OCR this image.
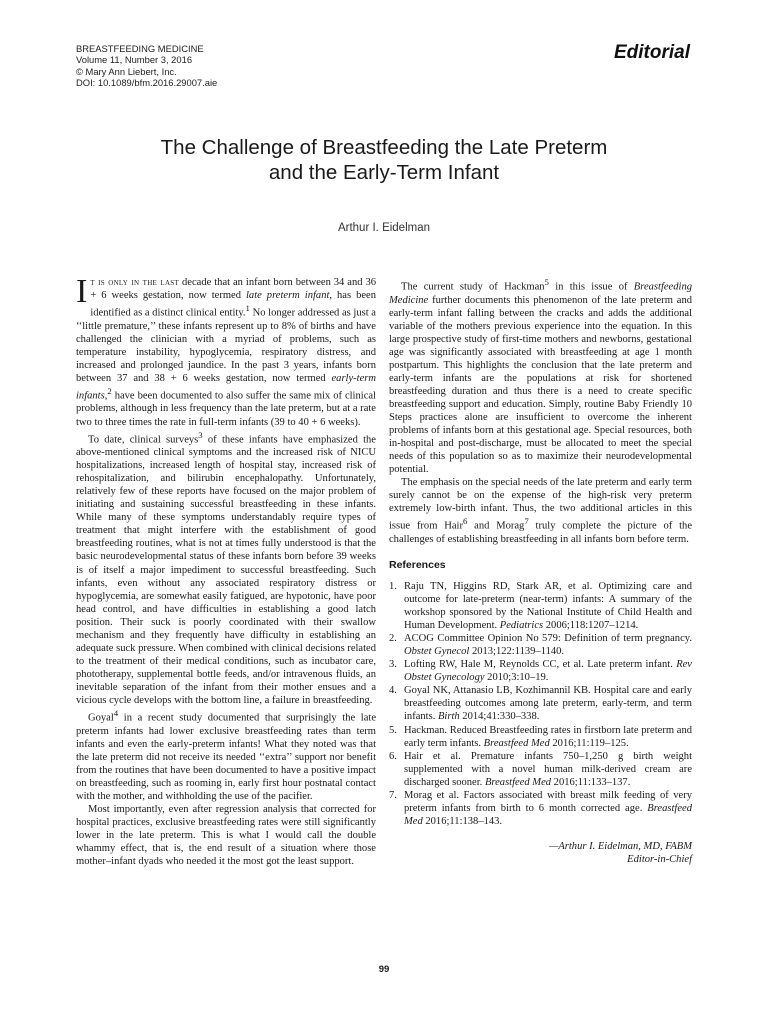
BREASTFEEDING MEDICINE
Volume 11, Number 3, 2016
© Mary Ann Liebert, Inc.
DOI: 10.1089/bfm.2016.29007.aie
Editorial
The Challenge of Breastfeeding the Late Preterm
and the Early-Term Infant
Arthur I. Eidelman

It is only in the last decade that an infant born between 34 and 36 + 6 weeks gestation, now termed late preterm infant, has been identified as a distinct clinical entity.$^1$ No longer addressed as just a ‘‘little premature,’’ these infants represent up to 8% of births and have challenged the clinician with a myriad of problems, such as temperature instability, hypoglycemia, respiratory distress, and increased and prolonged jaundice. In the past 3 years, infants born between 37 and 38 + 6 weeks gestation, now termed early-term infants,$^2$ have been documented to also suffer the same mix of clinical problems, although in less frequency than the late preterm, but at a rate two to three times the rate in full-term infants (39 to 40 + 6 weeks).

To date, clinical surveys$^3$ of these infants have emphasized the above-mentioned clinical symptoms and the increased risk of NICU hospitalizations, increased length of hospital stay, increased risk of rehospitalization, and bilirubin encephalopathy. Unfortunately, relatively few of these reports have focused on the major problem of initiating and sustaining successful breastfeeding in these infants. While many of these symptoms understandably require types of treatment that might interfere with the establishment of good breastfeeding routines, what is not at times fully understood is that the basic neurodevelopmental status of these infants born before 39 weeks is of itself a major impediment to successful breastfeeding. Such infants, even without any associated respiratory distress or hypoglycemia, are somewhat easily fatigued, are hypotonic, have poor head control, and have difficulties in establishing a good latch position. Their suck is poorly coordinated with their swallow mechanism and they frequently have difficulty in establishing an adequate suck pressure. When combined with clinical decisions related to the treatment of their medical conditions, such as incubator care, phototherapy, supplemental bottle feeds, and/or intravenous fluids, an inevitable separation of the infant from their mother ensues and a vicious cycle develops with the bottom line, a failure in breastfeeding.

Goyal$^4$ in a recent study documented that surprisingly the late preterm infants had lower exclusive breastfeeding rates than term infants and even the early-preterm infants! What they noted was that the late preterm did not receive its needed ‘‘extra’’ support nor benefit from the routines that have been documented to have a positive impact on breastfeeding, such as rooming in, early first hour postnatal contact with the mother, and withholding the use of the pacifier.

Most importantly, even after regression analysis that corrected for hospital practices, exclusive breastfeeding rates were still significantly lower in the late preterm. This is what I would call the double whammy effect, that is, the end result of a situation where those mother–infant dyads who needed it the most got the least support.

The current study of Hackman$^5$ in this issue of Breastfeeding Medicine further documents this phenomenon of the late preterm and early-term infant falling between the cracks and adds the additional variable of the mothers previous experience into the equation. In this large prospective study of first-time mothers and newborns, gestational age was significantly associated with breastfeeding at age 1 month postpartum. This highlights the conclusion that the late preterm and early-term infants are the populations at risk for shortened breastfeeding duration and thus there is a need to create specific breastfeeding support and education. Simply, routine Baby Friendly 10 Steps practices alone are insufficient to overcome the inherent problems of infants born at this gestational age. Special resources, both in-hospital and post-discharge, must be allocated to meet the special needs of this population so as to maximize their neurodevelopmental potential.

The emphasis on the special needs of the late preterm and early term surely cannot be on the expense of the high-risk very preterm extremely low-birth infant. Thus, the two additional articles in this issue from Hair$^6$ and Morag$^7$ truly complete the picture of the challenges of establishing breastfeeding in all infants born before term.

References
1. Raju TN, Higgins RD, Stark AR, et al. Optimizing care and outcome for late-preterm (near-term) infants: A summary of the workshop sponsored by the National Institute of Child Health and Human Development. Pediatrics 2006;118:1207–1214.
2. ACOG Committee Opinion No 579: Definition of term pregnancy. Obstet Gynecol 2013;122:1139–1140.
3. Lofting RW, Hale M, Reynolds CC, et al. Late preterm infant. Rev Obstet Gynecology 2010;3:10–19.
4. Goyal NK, Attanasio LB, Kozhimannil KB. Hospital care and early breastfeeding outcomes among late preterm, early-term, and term infants. Birth 2014;41:330–338.
5. Hackman. Reduced Breastfeeding rates in firstborn late preterm and early term infants. Breastfeed Med 2016;11:119–125.
6. Hair et al. Premature infants 750–1,250 g birth weight supplemented with a novel human milk-derived cream are discharged sooner. Breastfeed Med 2016;11:133–137.
7. Morag et al. Factors associated with breast milk feeding of very preterm infants from birth to 6 month corrected age. Breastfeed Med 2016;11:138–143.
—Arthur I. Eidelman, MD, FABM
Editor-in-Chief
99
